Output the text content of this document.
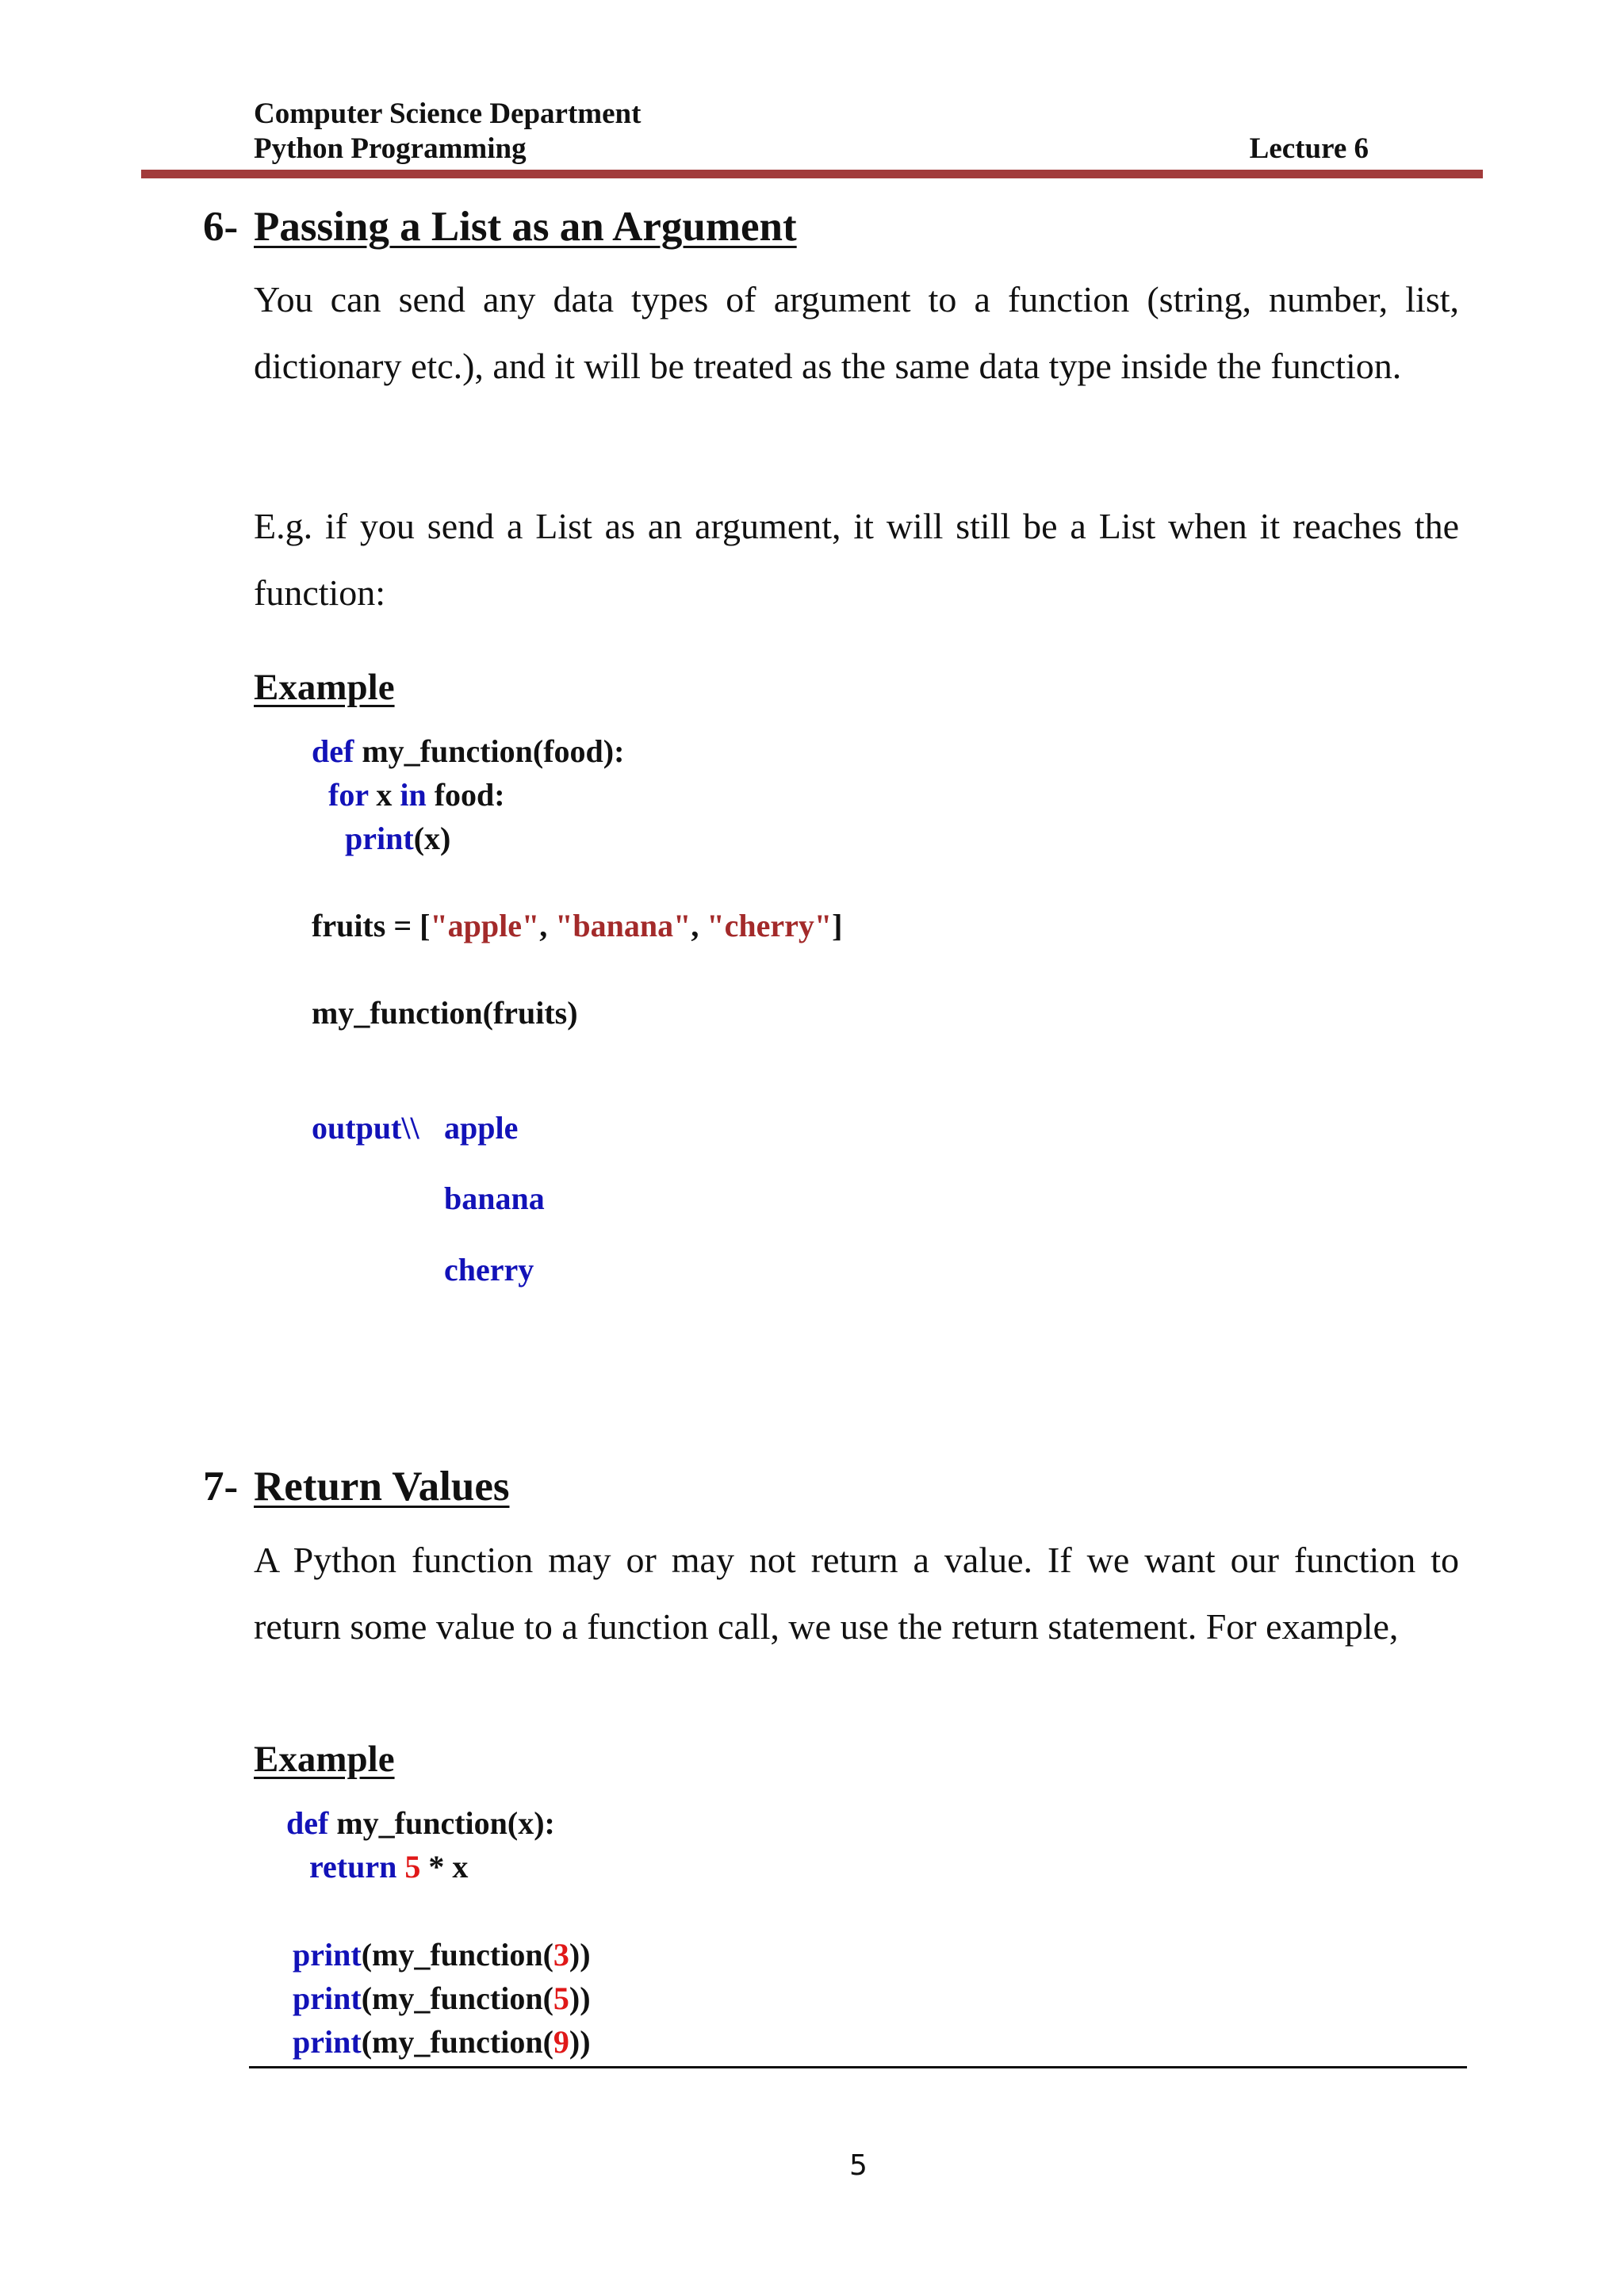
Computer Science Department
Python Programming	Lecture 6
6- Passing a List as an Argument
You can send any data types of argument to a function (string, number, list, dictionary etc.), and it will be treated as the same data type inside the function.
E.g. if you send a List as an argument, it will still be a List when it reaches the function:
Example
def my_function(food):
for x in food:
print(x)
fruits = ["apple", "banana", "cherry"]
my_function(fruits)
output\\ apple
banana
cherry
7- Return Values
A Python function may or may not return a value. If we want our function to return some value to a function call, we use the return statement. For example,
Example
def my_function(x):
return 5 * x
print(my_function(3))
print(my_function(5))
print(my_function(9))
5
